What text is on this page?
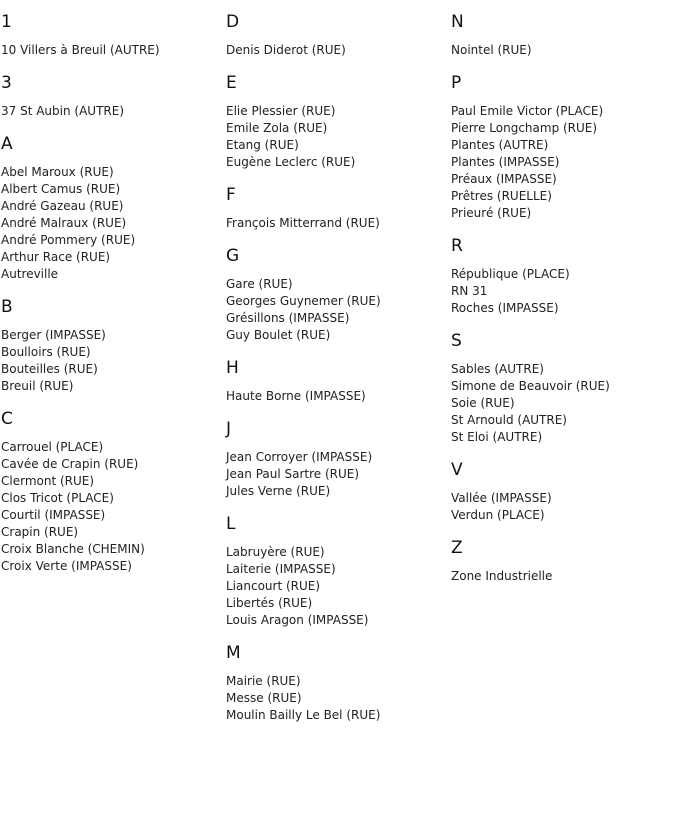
1
10 Villers à Breuil (AUTRE)
3
37 St Aubin (AUTRE)
A
Abel Maroux (RUE)
Albert Camus (RUE)
André Gazeau (RUE)
André Malraux (RUE)
André Pommery (RUE)
Arthur Race (RUE)
Autreville
B
Berger (IMPASSE)
Boulloirs (RUE)
Bouteilles (RUE)
Breuil (RUE)
C
Carrouel (PLACE)
Cavée de Crapin (RUE)
Clermont (RUE)
Clos Tricot (PLACE)
Courtil (IMPASSE)
Crapin (RUE)
Croix Blanche (CHEMIN)
Croix Verte (IMPASSE)
D
Denis Diderot (RUE)
E
Elie Plessier (RUE)
Emile Zola (RUE)
Etang (RUE)
Eugène Leclerc (RUE)
F
François Mitterrand (RUE)
G
Gare (RUE)
Georges Guynemer (RUE)
Grésillons (IMPASSE)
Guy Boulet (RUE)
H
Haute Borne (IMPASSE)
J
Jean Corroyer (IMPASSE)
Jean Paul Sartre (RUE)
Jules Verne (RUE)
L
Labruyère (RUE)
Laiterie (IMPASSE)
Liancourt (RUE)
Libertés (RUE)
Louis Aragon (IMPASSE)
M
Mairie (RUE)
Messe (RUE)
Moulin Bailly Le Bel (RUE)
N
Nointel (RUE)
P
Paul Emile Victor (PLACE)
Pierre Longchamp (RUE)
Plantes (AUTRE)
Plantes (IMPASSE)
Préaux (IMPASSE)
Prêtres (RUELLE)
Prieuré (RUE)
R
République (PLACE)
RN 31
Roches (IMPASSE)
S
Sables (AUTRE)
Simone de Beauvoir (RUE)
Soie (RUE)
St Arnould (AUTRE)
St Eloi (AUTRE)
V
Vallée (IMPASSE)
Verdun (PLACE)
Z
Zone Industrielle
